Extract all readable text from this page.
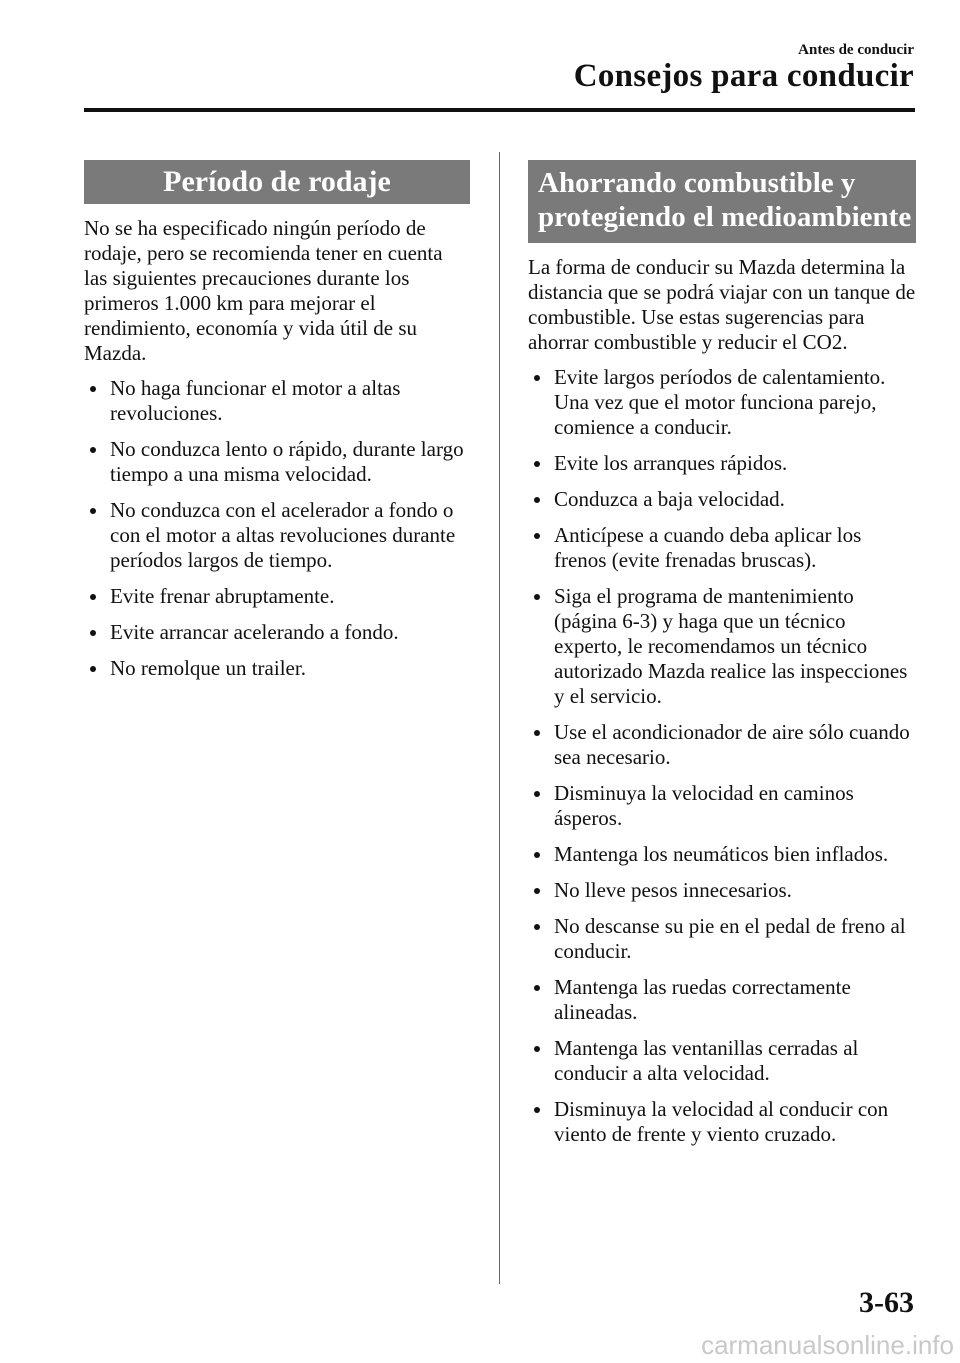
Antes de conducir
Consejos para conducir
Período de rodaje

No se ha especificado ningún período de rodaje, pero se recomienda tener en cuenta las siguientes precauciones durante los primeros 1.000 km para mejorar el rendimiento, economía y vida útil de su Mazda.

No haga funcionar el motor a altas revoluciones.
No conduzca lento o rápido, durante largo tiempo a una misma velocidad.
No conduzca con el acelerador a fondo o con el motor a altas revoluciones durante períodos largos de tiempo.
Evite frenar abruptamente.
Evite arrancar acelerando a fondo.
No remolque un trailer.
Ahorrando combustible y
protegiendo el medioambiente

La forma de conducir su Mazda determina la distancia que se podrá viajar con un tanque de combustible. Use estas sugerencias para ahorrar combustible y reducir el CO2.

Evite largos períodos de calentamiento. Una vez que el motor funciona parejo, comience a conducir.
Evite los arranques rápidos.
Conduzca a baja velocidad.
Anticípese a cuando deba aplicar los frenos (evite frenadas bruscas).
Siga el programa de mantenimiento (página 6-3) y haga que un técnico experto, le recomendamos un técnico autorizado Mazda realice las inspecciones y el servicio.
Use el acondicionador de aire sólo cuando sea necesario.
Disminuya la velocidad en caminos ásperos.
Mantenga los neumáticos bien inflados.
No lleve pesos innecesarios.
No descanse su pie en el pedal de freno al conducir.
Mantenga las ruedas correctamente alineadas.
Mantenga las ventanillas cerradas al conducir a alta velocidad.
Disminuya la velocidad al conducir con viento de frente y viento cruzado.
3-63
carmanualsonline.info
